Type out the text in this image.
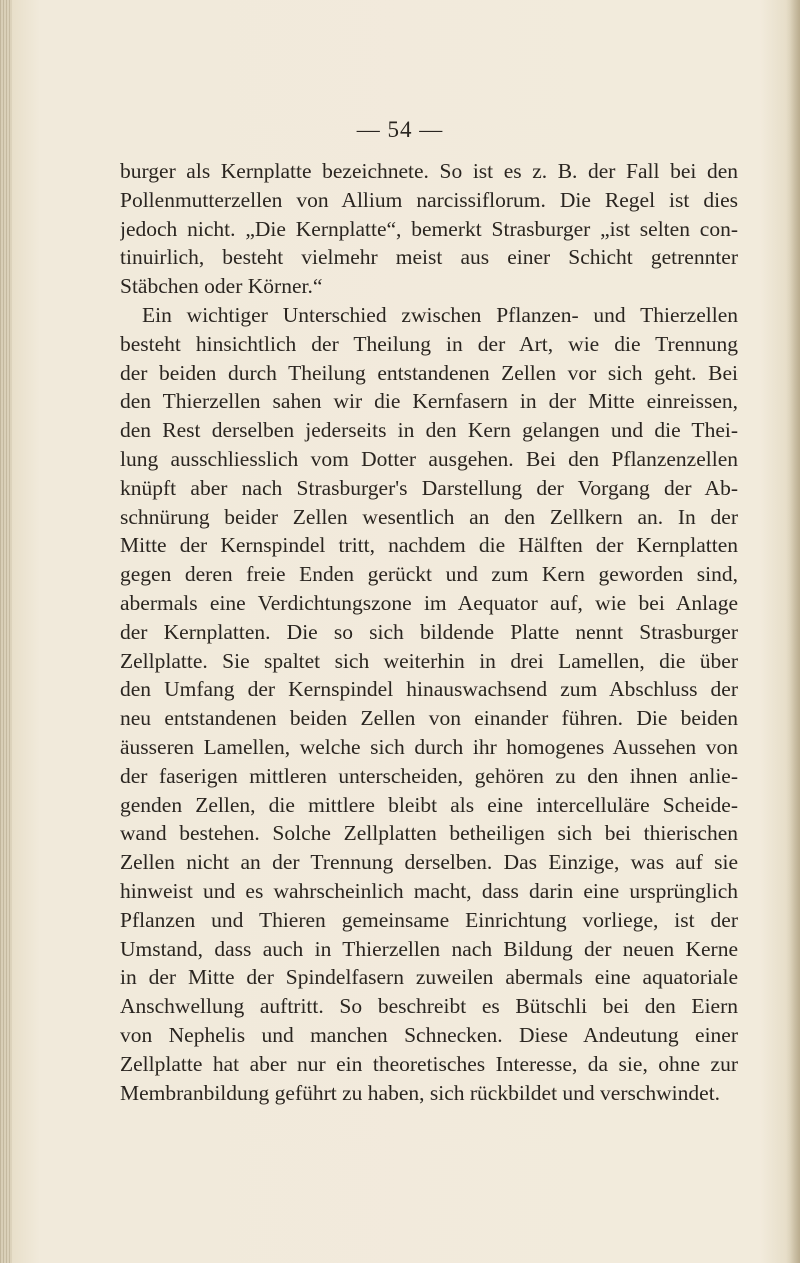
— 54 —
burger als Kernplatte bezeichnete. So ist es z. B. der Fall bei den
Pollenmutterzellen von Allium narcissiflorum. Die Regel ist dies
jedoch nicht. „Die Kernplatte“, bemerkt Strasburger „ist selten con-
tinuirlich, besteht vielmehr meist aus einer Schicht getrennter
Stäbchen oder Körner.“
Ein wichtiger Unterschied zwischen Pflanzen- und Thierzellen
besteht hinsichtlich der Theilung in der Art, wie die Trennung
der beiden durch Theilung entstandenen Zellen vor sich geht. Bei
den Thierzellen sahen wir die Kernfasern in der Mitte einreissen,
den Rest derselben jederseits in den Kern gelangen und die Thei-
lung ausschliesslich vom Dotter ausgehen. Bei den Pflanzenzellen
knüpft aber nach Strasburger's Darstellung der Vorgang der Ab-
schnürung beider Zellen wesentlich an den Zellkern an. In der
Mitte der Kernspindel tritt, nachdem die Hälften der Kernplatten
gegen deren freie Enden gerückt und zum Kern geworden sind,
abermals eine Verdichtungszone im Aequator auf, wie bei Anlage
der Kernplatten. Die so sich bildende Platte nennt Strasburger
Zellplatte. Sie spaltet sich weiterhin in drei Lamellen, die über
den Umfang der Kernspindel hinauswachsend zum Abschluss der
neu entstandenen beiden Zellen von einander führen. Die beiden
äusseren Lamellen, welche sich durch ihr homogenes Aussehen von
der faserigen mittleren unterscheiden, gehören zu den ihnen anlie-
genden Zellen, die mittlere bleibt als eine intercelluläre Scheide-
wand bestehen. Solche Zellplatten betheiligen sich bei thierischen
Zellen nicht an der Trennung derselben. Das Einzige, was auf sie
hinweist und es wahrscheinlich macht, dass darin eine ursprünglich
Pflanzen und Thieren gemeinsame Einrichtung vorliege, ist der
Umstand, dass auch in Thierzellen nach Bildung der neuen Kerne
in der Mitte der Spindelfasern zuweilen abermals eine aquatoriale
Anschwellung auftritt. So beschreibt es Bütschli bei den Eiern
von Nephelis und manchen Schnecken. Diese Andeutung einer
Zellplatte hat aber nur ein theoretisches Interesse, da sie, ohne zur
Membranbildung geführt zu haben, sich rückbildet und verschwindet.
